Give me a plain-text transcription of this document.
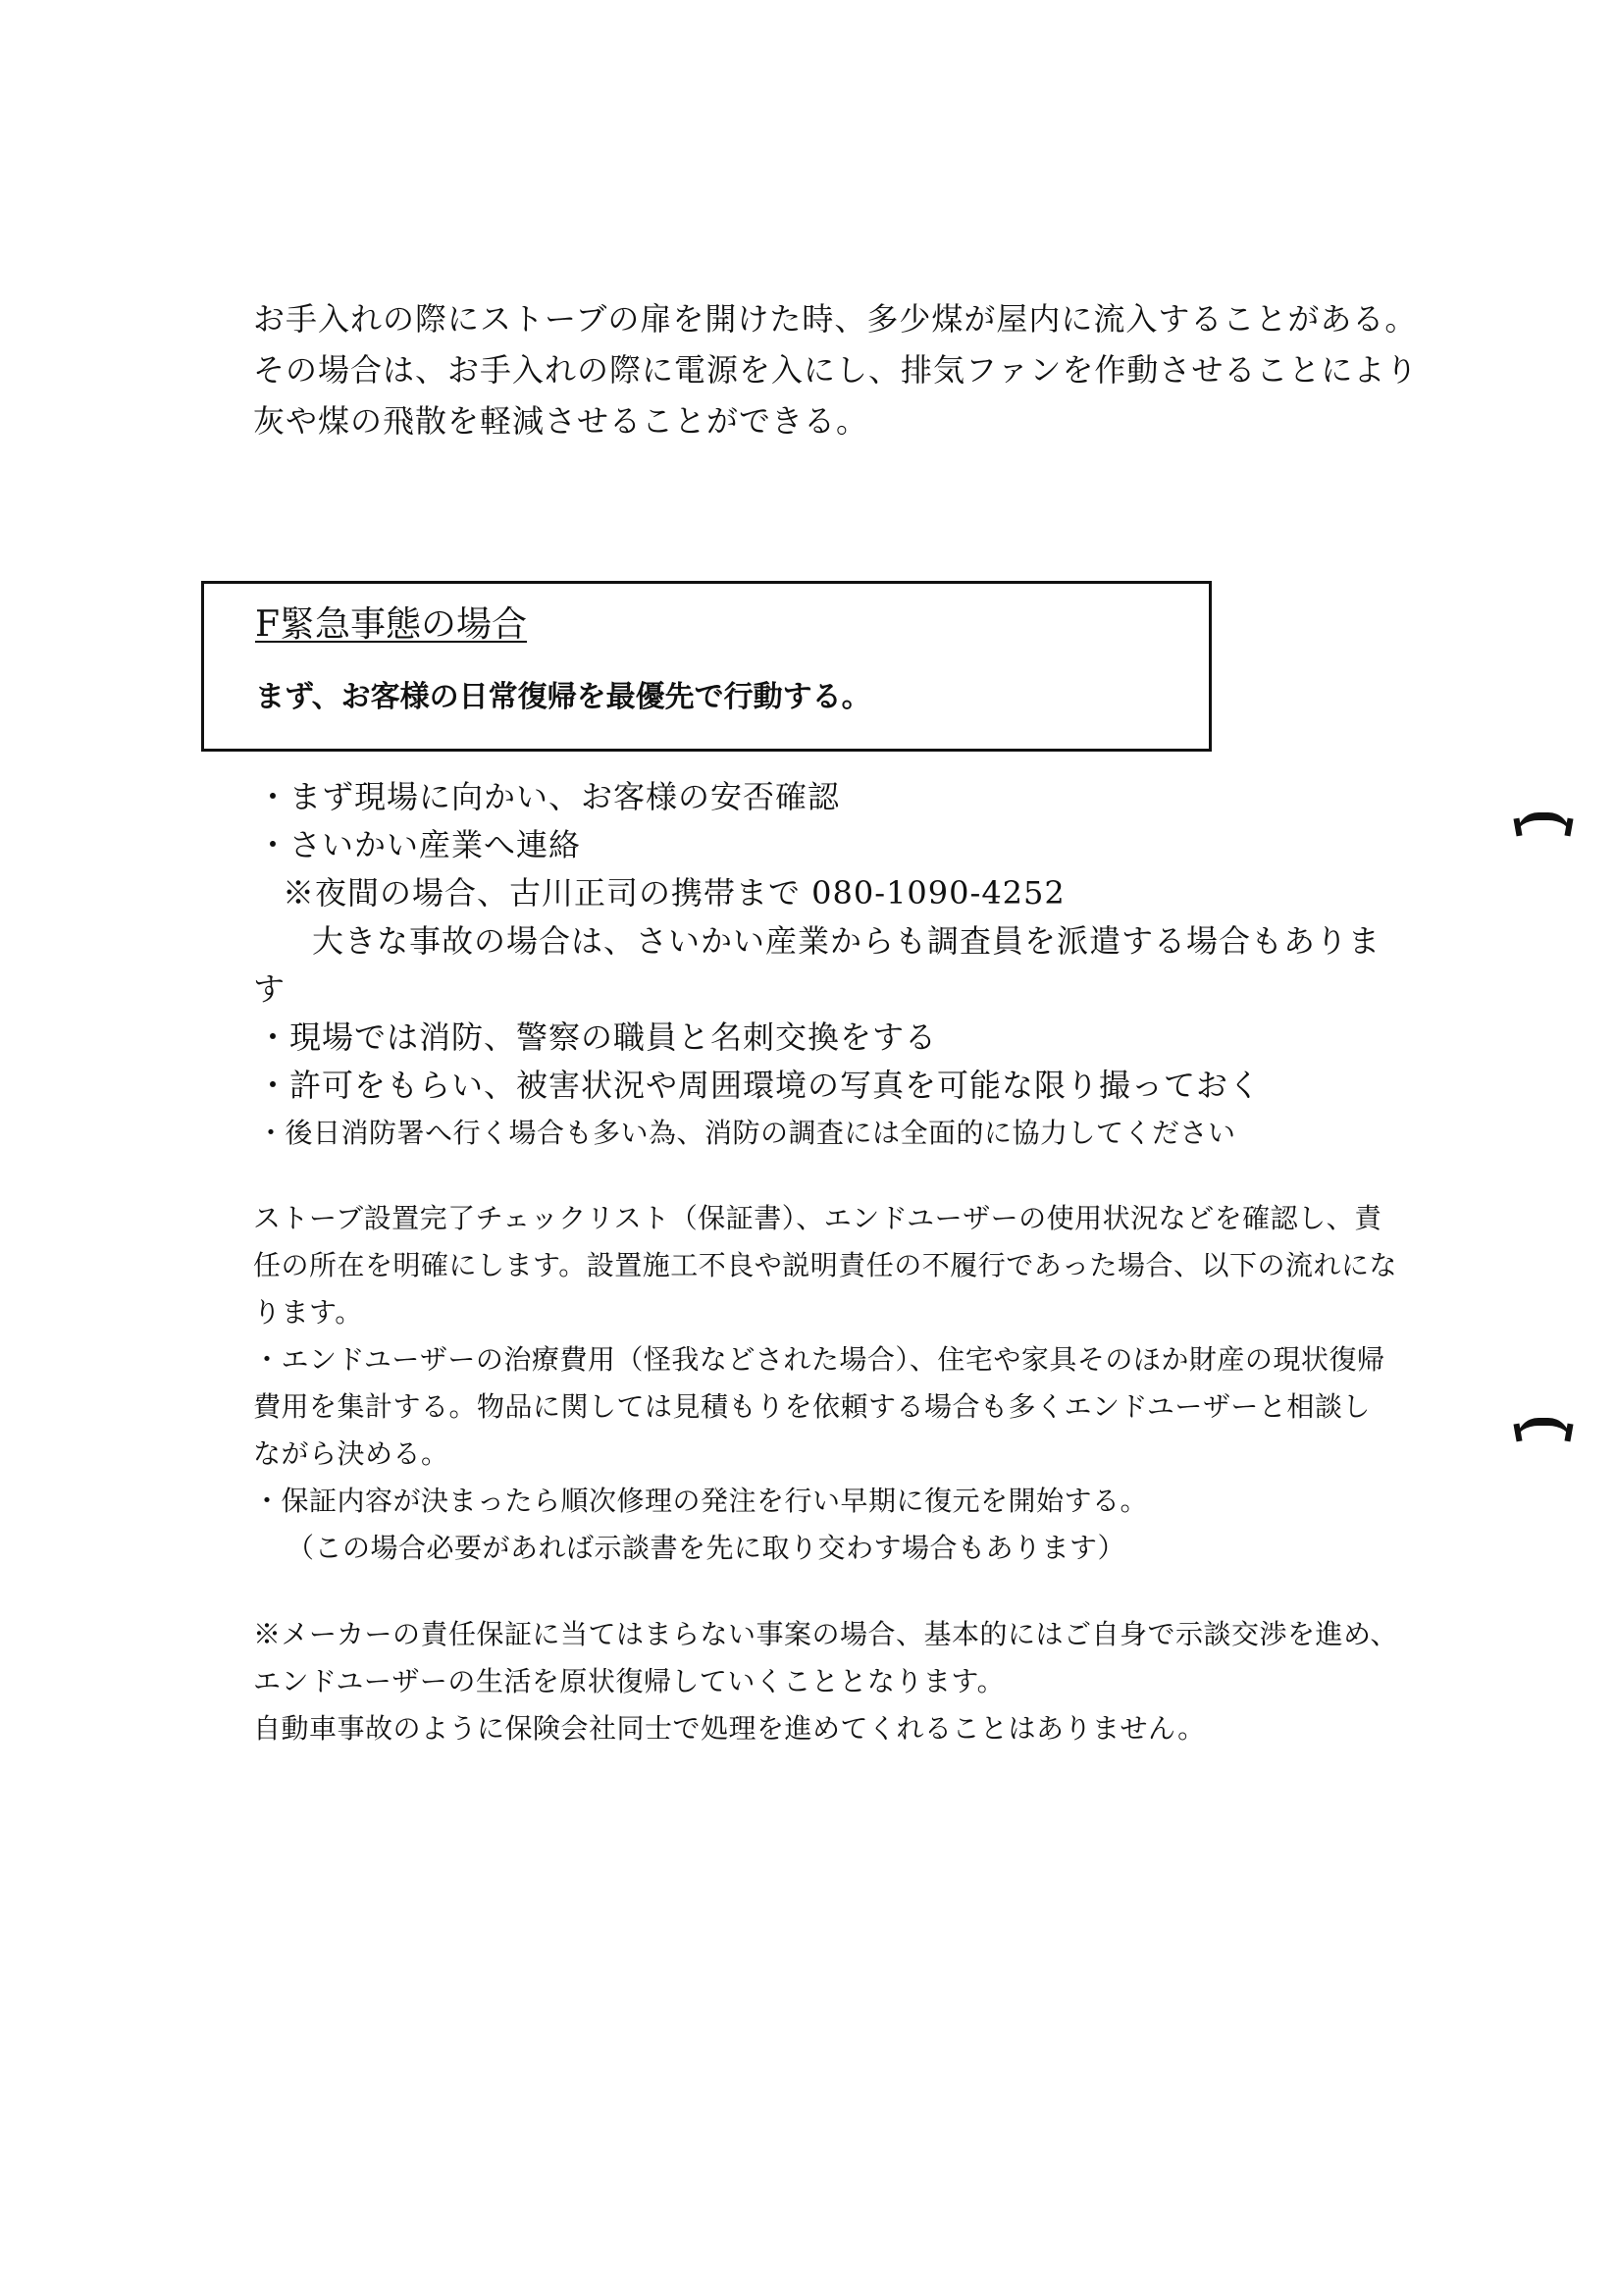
お手入れの際にストーブの扉を開けた時、多少煤が屋内に流入することがある。
その場合は、お手入れの際に電源を入にし、排気ファンを作動させることにより
灰や煤の飛散を軽減させることができる。
F緊急事態の場合
まず、お客様の日常復帰を最優先で行動する。
・まず現場に向かい、お客様の安否確認
・さいかい産業へ連絡
※夜間の場合、古川正司の携帯まで 080-1090-4252
大きな事故の場合は、さいかい産業からも調査員を派遣する場合もありま
す
・現場では消防、警察の職員と名刺交換をする
・許可をもらい、被害状況や周囲環境の写真を可能な限り撮っておく
・後日消防署へ行く場合も多い為、消防の調査には全面的に協力してください
ストーブ設置完了チェックリスト（保証書）、エンドユーザーの使用状況などを確認し、責
任の所在を明確にします。設置施工不良や説明責任の不履行であった場合、以下の流れにな
ります。
・エンドユーザーの治療費用（怪我などされた場合）、住宅や家具そのほか財産の現状復帰
費用を集計する。物品に関しては見積もりを依頼する場合も多くエンドユーザーと相談し
ながら決める。
・保証内容が決まったら順次修理の発注を行い早期に復元を開始する。
（この場合必要があれば示談書を先に取り交わす場合もあります）
※メーカーの責任保証に当てはまらない事案の場合、基本的にはご自身で示談交渉を進め、
エンドユーザーの生活を原状復帰していくこととなります。
自動車事故のように保険会社同士で処理を進めてくれることはありません。
